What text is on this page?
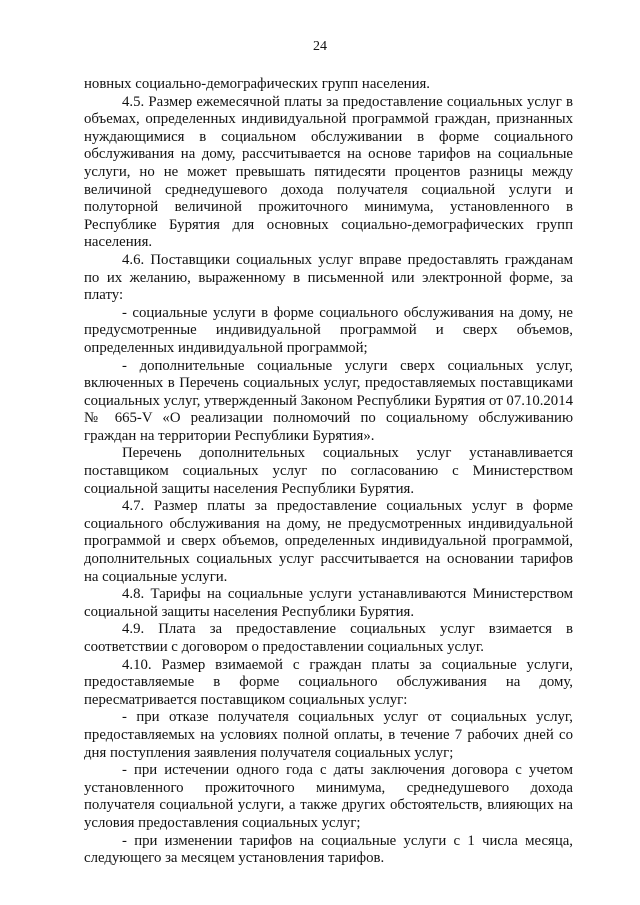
24

новных социально-демографических групп населения.

4.5. Размер ежемесячной платы за предоставление социальных услуг в объемах, определенных индивидуальной программой граждан, признанных нуждающимися в социальном обслуживании в форме социального обслуживания на дому, рассчитывается на основе тарифов на социальные услуги, но не может превышать пятидесяти процентов разницы между величиной среднедушевого дохода получателя социальной услуги и полуторной величиной прожиточного минимума, установленного в Республике Бурятия для основных социально-демографических групп населения.

4.6. Поставщики социальных услуг вправе предоставлять гражданам по их желанию, выраженному в письменной или электронной форме, за плату:

- социальные услуги в форме социального обслуживания на дому, не предусмотренные индивидуальной программой и сверх объемов, определенных индивидуальной программой;

- дополнительные социальные услуги сверх социальных услуг, включенных в Перечень социальных услуг, предоставляемых поставщиками социальных услуг, утвержденный Законом Республики Бурятия от 07.10.2014 № 665-V «О реализации полномочий по социальному обслуживанию граждан на территории Республики Бурятия».

Перечень дополнительных социальных услуг устанавливается поставщиком социальных услуг по согласованию с Министерством социальной защиты населения Республики Бурятия.

4.7. Размер платы за предоставление социальных услуг в форме социального обслуживания на дому, не предусмотренных индивидуальной программой и сверх объемов, определенных индивидуальной программой, дополнительных социальных услуг рассчитывается на основании тарифов на социальные услуги.

4.8. Тарифы на социальные услуги устанавливаются Министерством социальной защиты населения Республики Бурятия.

4.9. Плата за предоставление социальных услуг взимается в соответствии с договором о предоставлении социальных услуг.

4.10. Размер взимаемой с граждан платы за социальные услуги, предоставляемые в форме социального обслуживания на дому, пересматривается поставщиком социальных услуг:

- при отказе получателя социальных услуг от социальных услуг, предоставляемых на условиях полной оплаты, в течение 7 рабочих дней со дня поступления заявления получателя социальных услуг;

- при истечении одного года с даты заключения договора с учетом установленного прожиточного минимума, среднедушевого дохода получателя социальной услуги, а также других обстоятельств, влияющих на условия предоставления социальных услуг;

- при изменении тарифов на социальные услуги с 1 числа месяца, следующего за месяцем установления тарифов.
